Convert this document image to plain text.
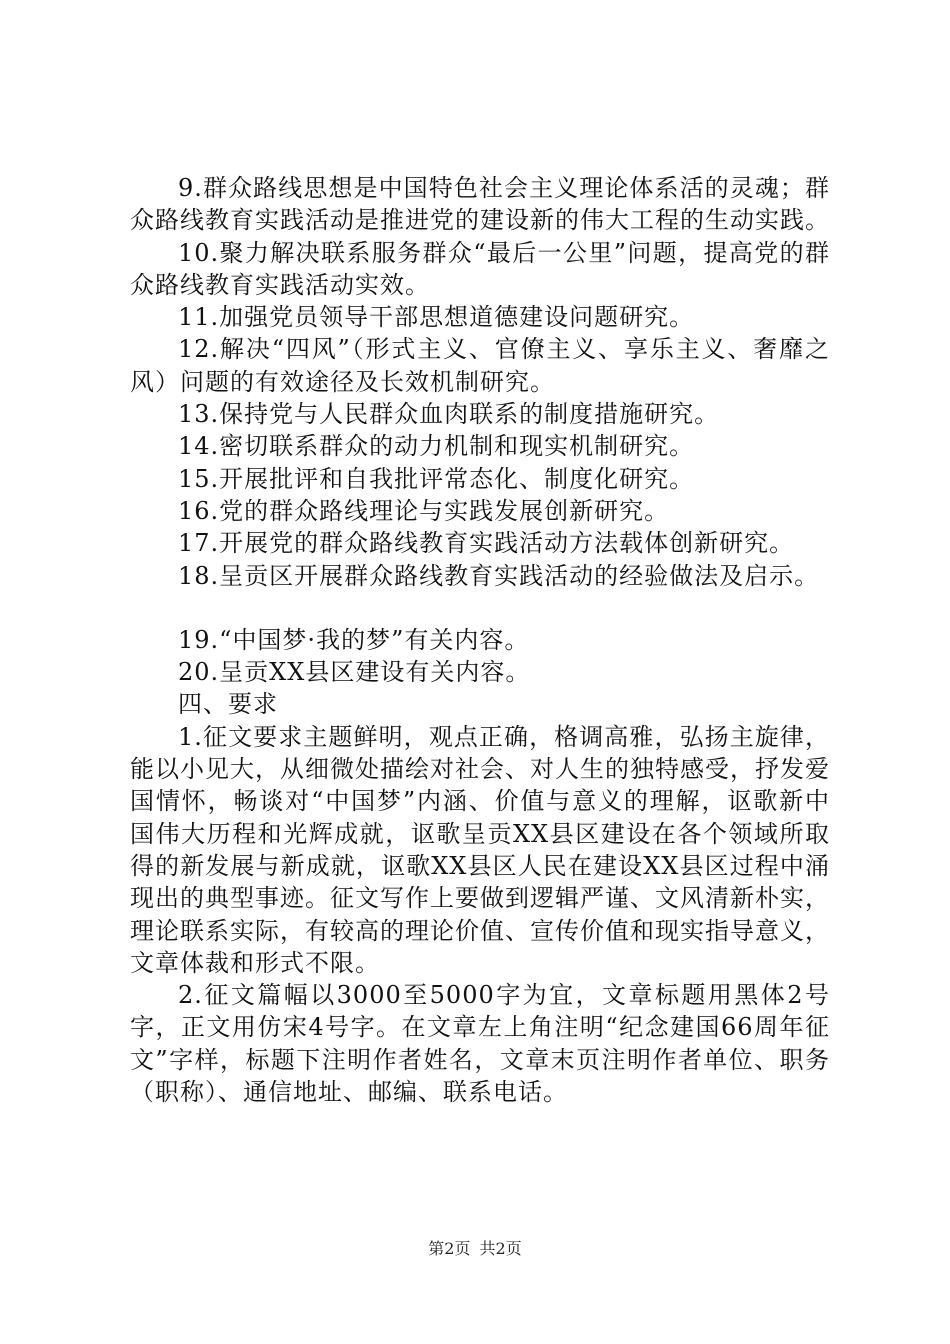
9.群众路线思想是中国特色社会主义理论体系活的灵魂；群众路线教育实践活动是推进党的建设新的伟大工程的生动实践。

10.聚力解决联系服务群众“最后一公里”问题，提高党的群众路线教育实践活动实效。

11.加强党员领导干部思想道德建设问题研究。

12.解决“四风”（形式主义、官僚主义、享乐主义、奢靡之风）问题的有效途径及长效机制研究。

13.保持党与人民群众血肉联系的制度措施研究。

14.密切联系群众的动力机制和现实机制研究。

15.开展批评和自我批评常态化、制度化研究。

16.党的群众路线理论与实践发展创新研究。

17.开展党的群众路线教育实践活动方法载体创新研究。

18.呈贡区开展群众路线教育实践活动的经验做法及启示。

19.“中国梦·我的梦”有关内容。

20.呈贡XX县区建设有关内容。

四、要求

1.征文要求主题鲜明，观点正确，格调高雅，弘扬主旋律，能以小见大，从细微处描绘对社会、对人生的独特感受，抒发爱国情怀，畅谈对“中国梦”内涵、价值与意义的理解，讴歌新中国伟大历程和光辉成就，讴歌呈贡XX县区建设在各个领域所取得的新发展与新成就，讴歌XX县区人民在建设XX县区过程中涌现出的典型事迹。征文写作上要做到逻辑严谨、文风清新朴实，理论联系实际，有较高的理论价值、宣传价值和现实指导意义，文章体裁和形式不限。

2.征文篇幅以3000至5000字为宜，文章标题用黑体2号字，正文用仿宋4号字。在文章左上角注明“纪念建国66周年征文”字样，标题下注明作者姓名，文章末页注明作者单位、职务（职称）、通信地址、邮编、联系电话。

第2页 共2页
